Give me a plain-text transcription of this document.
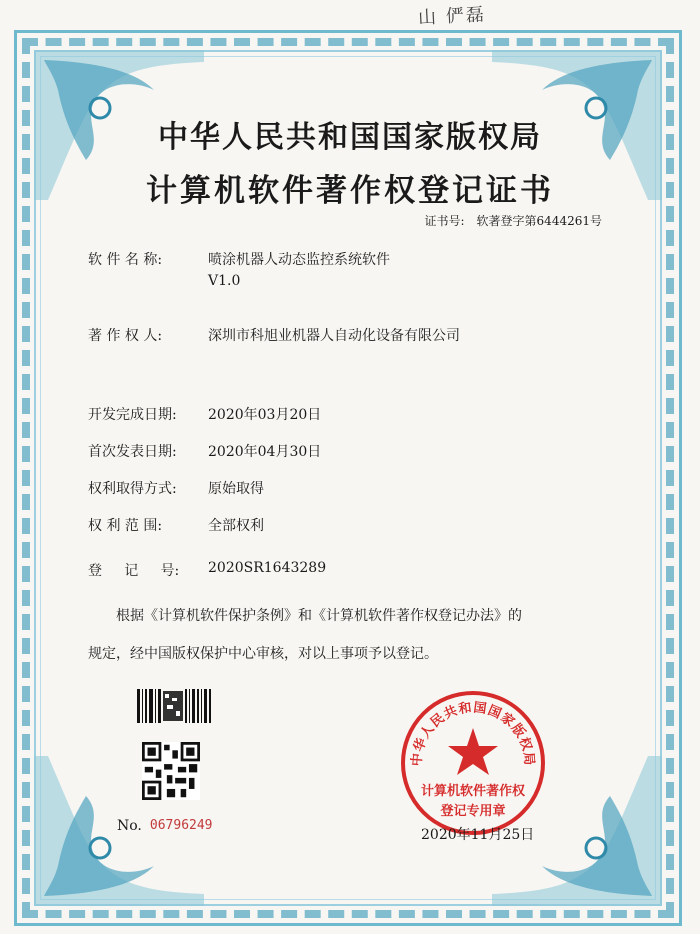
山 俨磊
中华人民共和国国家版权局
计算机软件著作权登记证书
证书号: 软著登字第6444261号
软 件 名 称:	喷涂机器人动态监控系统软件
V1.0
著 作 权 人:	深圳市科旭业机器人自动化设备有限公司
开发完成日期:	2020年03月20日
首次发表日期:	2020年04月30日
权利取得方式:	原始取得
权 利 范 围:	全部权利
登     记     号:	2020SR1643289
根据《计算机软件保护条例》和《计算机软件著作权登记办法》的
规定，经中国版权保护中心审核，对以上事项予以登记。
No. 06796249
中华人民共和国国家版权局
计算机软件著作权
登记专用章
2020年11月25日
